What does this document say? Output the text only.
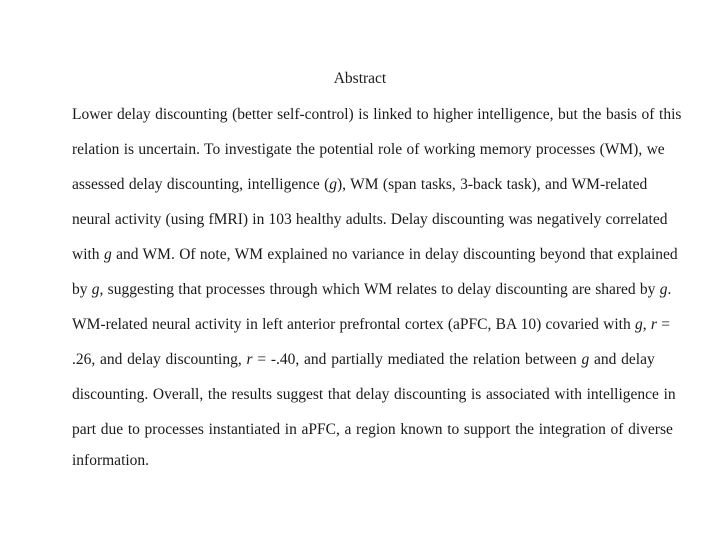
Abstract
Lower delay discounting (better self-control) is linked to higher intelligence, but the basis of this
relation is uncertain. To investigate the potential role of working memory processes (WM), we
assessed delay discounting, intelligence (g), WM (span tasks, 3-back task), and WM-related
neural activity (using fMRI) in 103 healthy adults. Delay discounting was negatively correlated
with g and WM. Of note, WM explained no variance in delay discounting beyond that explained
by g, suggesting that processes through which WM relates to delay discounting are shared by g.
WM-related neural activity in left anterior prefrontal cortex (aPFC, BA 10) covaried with g, r =
.26, and delay discounting, r = -.40, and partially mediated the relation between g and delay
discounting. Overall, the results suggest that delay discounting is associated with intelligence in
part due to processes instantiated in aPFC, a region known to support the integration of diverse
information.
